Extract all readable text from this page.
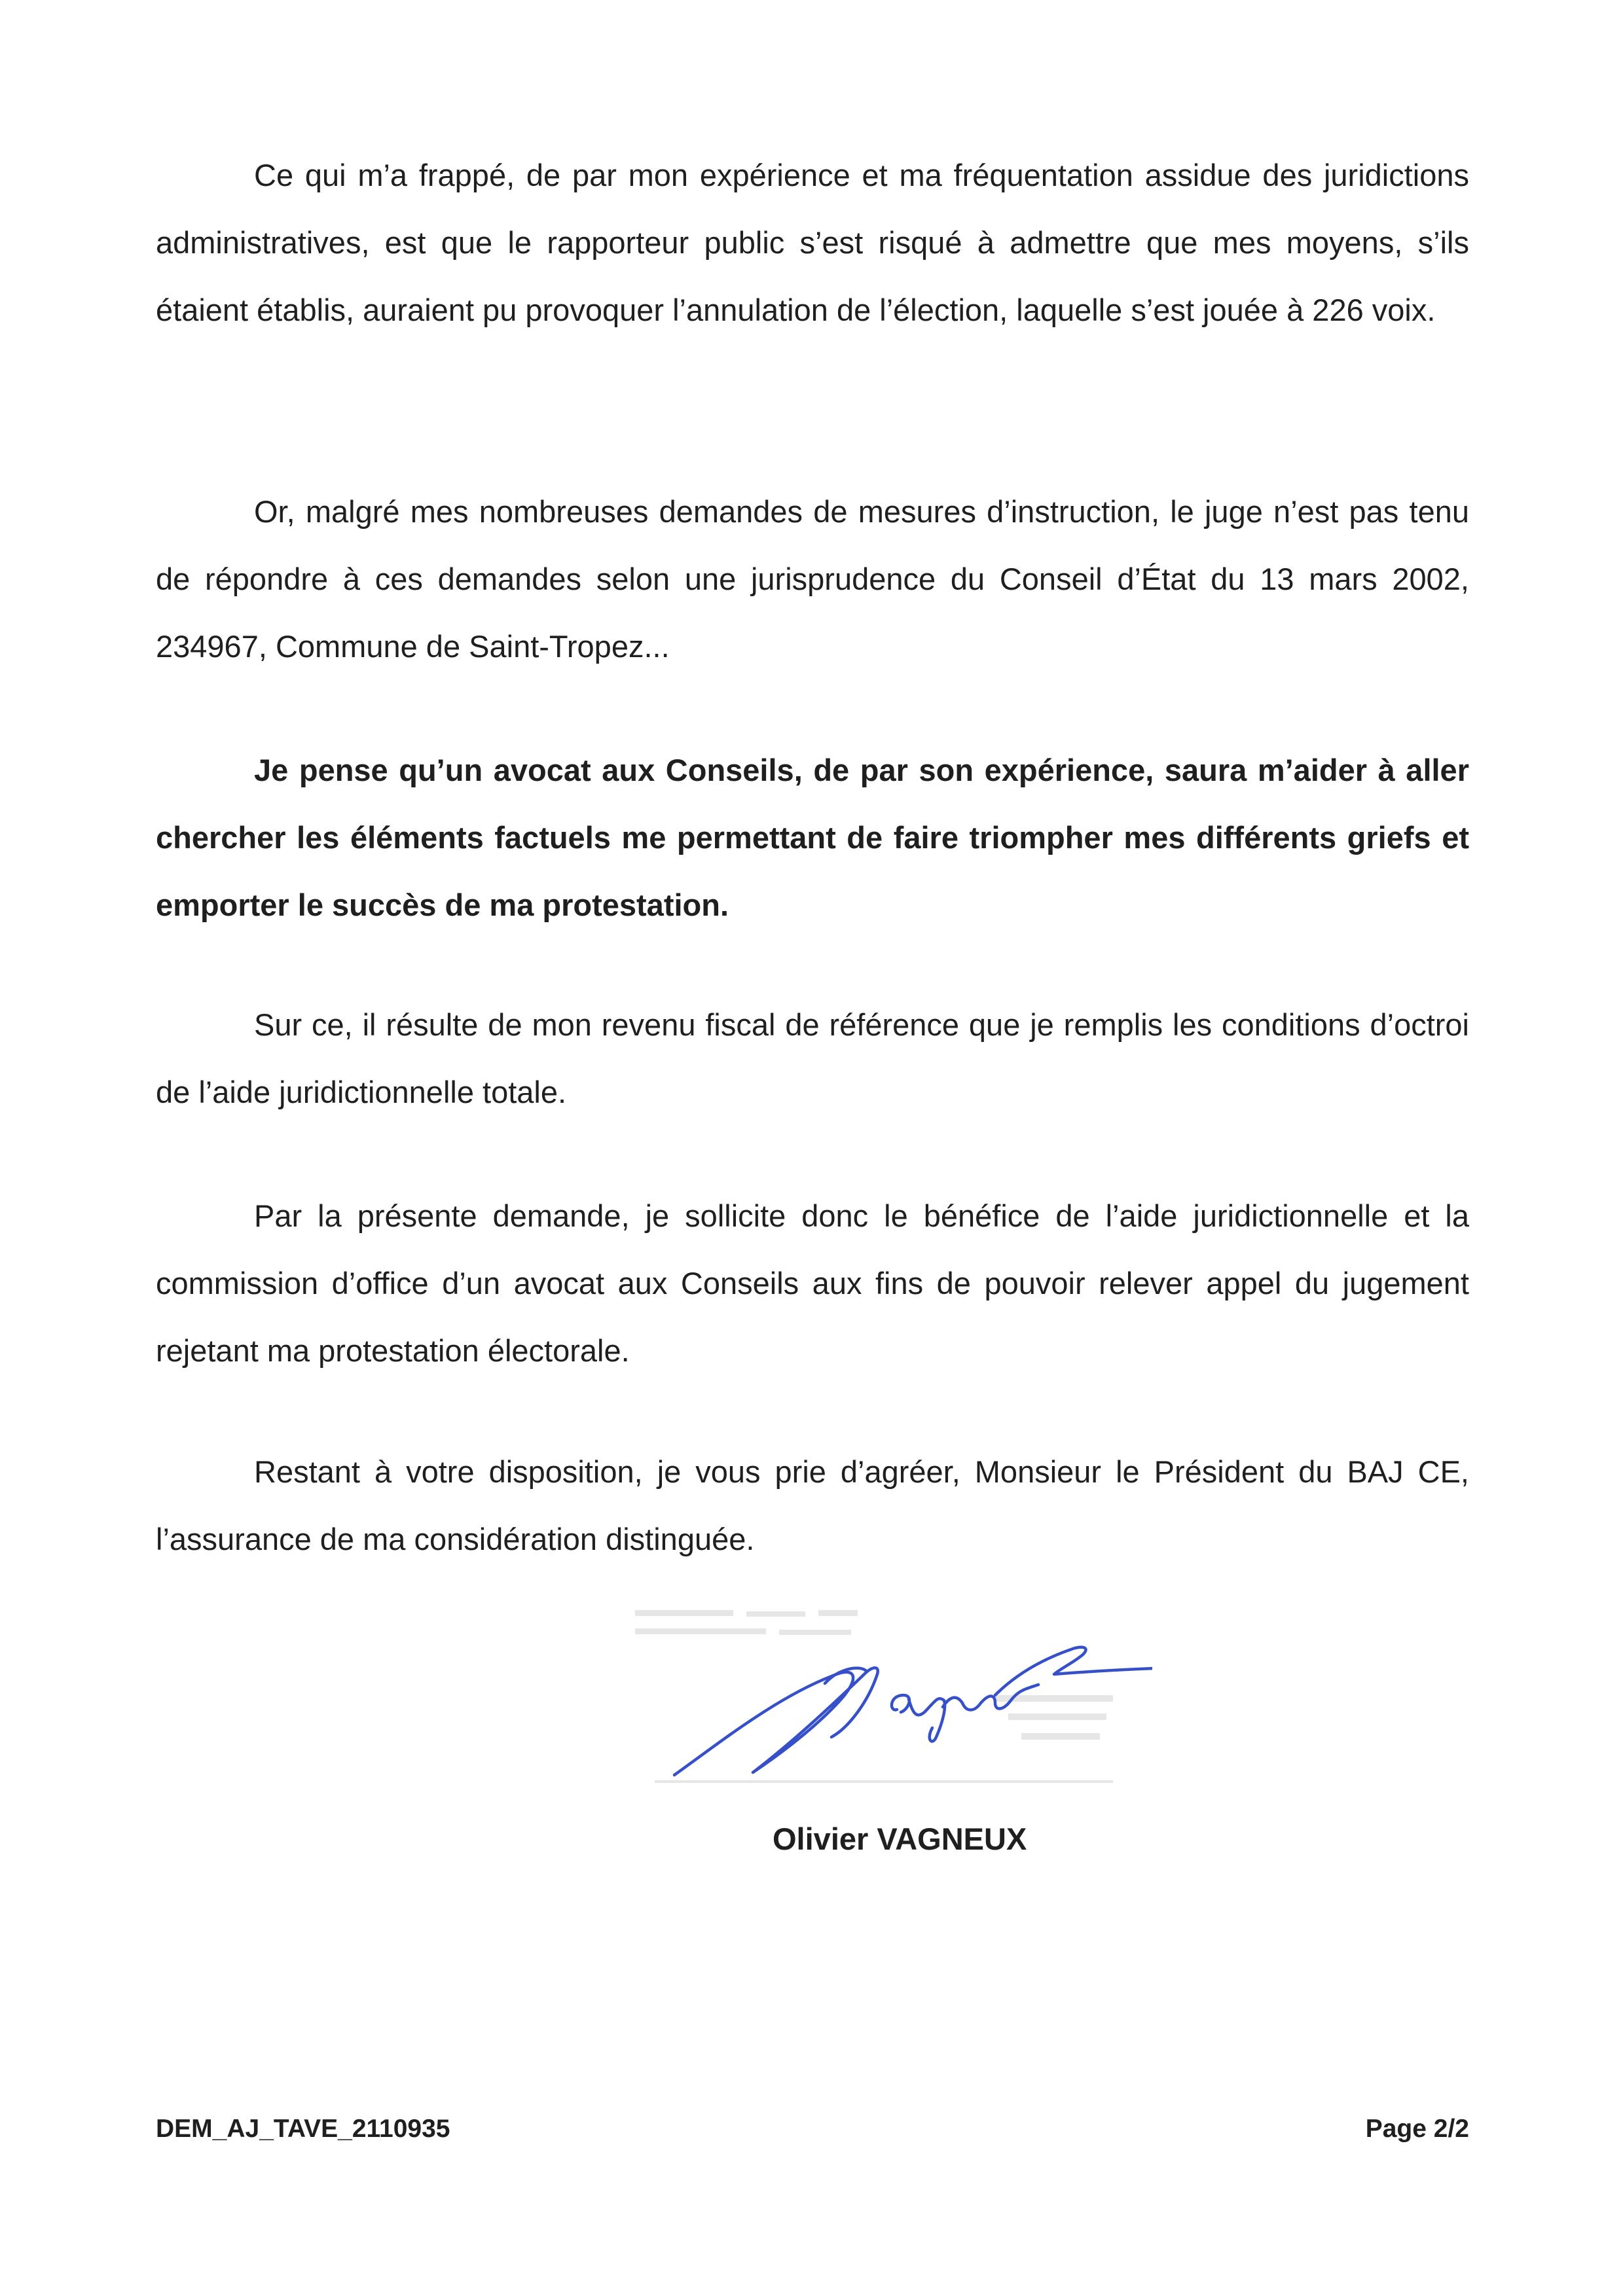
Ce qui m’a frappé, de par mon expérience et ma fréquentation assidue des juridictions administratives, est que le rapporteur public s’est risqué à admettre que mes moyens, s’ils étaient établis, auraient pu provoquer l’annulation de l’élection, laquelle s’est jouée à 226 voix.

Or, malgré mes nombreuses demandes de mesures d’instruction, le juge n’est pas tenu de répondre à ces demandes selon une jurisprudence du Conseil d’État du 13 mars 2002, 234967, Commune de Saint-Tropez...

Je pense qu’un avocat aux Conseils, de par son expérience, saura m’aider à aller chercher les éléments factuels me permettant de faire triompher mes différents griefs et emporter le succès de ma protestation.

Sur ce, il résulte de mon revenu fiscal de référence que je remplis les conditions d’octroi de l’aide juridictionnelle totale.

Par la présente demande, je sollicite donc le bénéfice de l’aide juridictionnelle et la commission d’office d’un avocat aux Conseils aux fins de pouvoir relever appel du jugement rejetant ma protestation électorale.

Restant à votre disposition, je vous prie d’agréer, Monsieur le Président du BAJ CE, l’assurance de ma considération distinguée.

Olivier VAGNEUX
DEM_AJ_TAVE_2110935	Page 2/2
